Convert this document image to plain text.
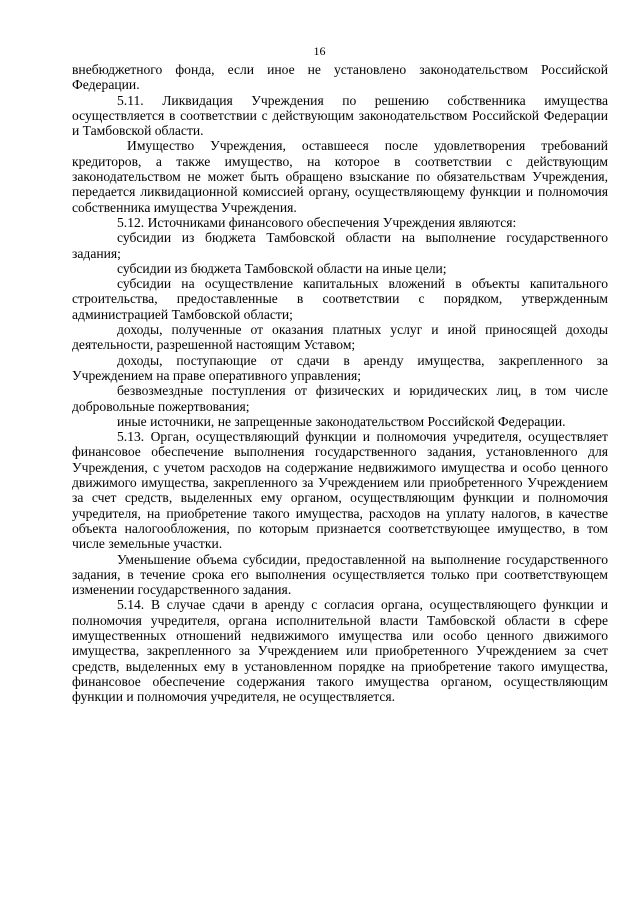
16

внебюджетного фонда, если иное не установлено законодательством Российской Федерации.

5.11. Ликвидация Учреждения по решению собственника имущества осуществляется в соответствии с действующим законодательством Российской Федерации и Тамбовской области.

Имущество Учреждения, оставшееся после удовлетворения требований кредиторов, а также имущество, на которое в соответствии с действующим законодательством не может быть обращено взыскание по обязательствам Учреждения, передается ликвидационной комиссией органу, осуществляющему функции и полномочия собственника имущества Учреждения.

5.12. Источниками финансового обеспечения Учреждения являются:

субсидии из бюджета Тамбовской области на выполнение государственного задания;

субсидии из бюджета Тамбовской области на иные цели;

субсидии на осуществление капитальных вложений в объекты капитального строительства, предоставленные в соответствии с порядком, утвержденным администрацией Тамбовской области;

доходы, полученные от оказания платных услуг и иной приносящей доходы деятельности, разрешенной настоящим Уставом;

доходы, поступающие от сдачи в аренду имущества, закрепленного за Учреждением на праве оперативного управления;

безвозмездные поступления от физических и юридических лиц, в том числе добровольные пожертвования;

иные источники, не запрещенные законодательством Российской Федерации.

5.13. Орган, осуществляющий функции и полномочия учредителя, осуществляет финансовое обеспечение выполнения государственного задания, установленного для Учреждения, с учетом расходов на содержание недвижимого имущества и особо ценного движимого имущества, закрепленного за Учреждением или приобретенного Учреждением за счет средств, выделенных ему органом, осуществляющим функции и полномочия учредителя, на приобретение такого имущества, расходов на уплату налогов, в качестве объекта налогообложения, по которым признается соответствующее имущество, в том числе земельные участки.

Уменьшение объема субсидии, предоставленной на выполнение государственного задания, в течение срока его выполнения осуществляется только при соответствующем изменении государственного задания.

5.14. В случае сдачи в аренду с согласия органа, осуществляющего функции и полномочия учредителя, органа исполнительной власти Тамбовской области в сфере имущественных отношений недвижимого имущества или особо ценного движимого имущества, закрепленного за Учреждением или приобретенного Учреждением за счет средств, выделенных ему в установленном порядке на приобретение такого имущества, финансовое обеспечение содержания такого имущества органом, осуществляющим функции и полномочия учредителя, не осуществляется.
